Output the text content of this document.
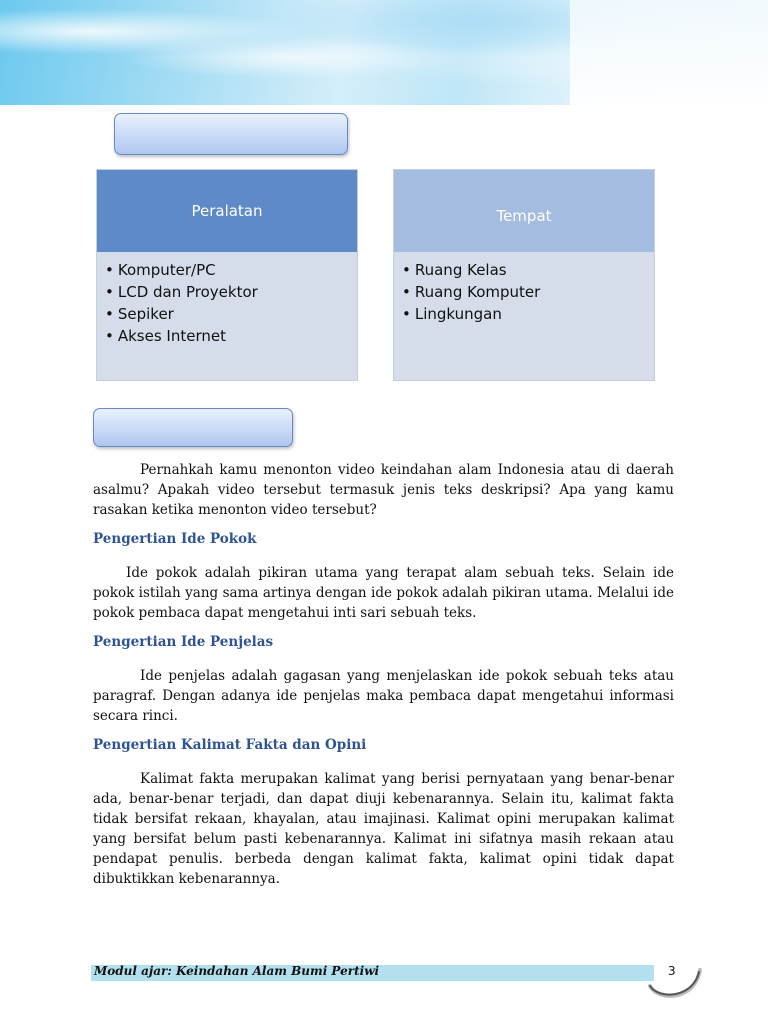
Peralatan
• Komputer/PC
• LCD dan Proyektor
• Sepiker
• Akses Internet
Tempat
• Ruang Kelas
• Ruang Komputer
• Lingkungan

Pernahkah kamu menonton video keindahan alam Indonesia atau di daerah asalmu? Apakah video tersebut termasuk jenis teks deskripsi? Apa yang kamu rasakan ketika menonton video tersebut?

Pengertian Ide Pokok

Ide pokok adalah pikiran utama yang terapat alam sebuah teks. Selain ide pokok istilah yang sama artinya dengan ide pokok adalah pikiran utama. Melalui ide pokok pembaca dapat mengetahui inti sari sebuah teks.

Pengertian Ide Penjelas

Ide penjelas adalah gagasan yang menjelaskan ide pokok sebuah teks atau paragraf. Dengan adanya ide penjelas maka pembaca dapat mengetahui informasi secara rinci.

Pengertian Kalimat Fakta dan Opini

Kalimat fakta merupakan kalimat yang berisi pernyataan yang benar-benar ada, benar-benar terjadi, dan dapat diuji kebenarannya. Selain itu, kalimat fakta tidak bersifat rekaan, khayalan, atau imajinasi. Kalimat opini merupakan kalimat yang bersifat belum pasti kebenarannya. Kalimat ini sifatnya masih rekaan atau pendapat penulis. berbeda dengan kalimat fakta, kalimat opini tidak dapat dibuktikkan kebenarannya.

Modul ajar: Keindahan Alam Bumi Pertiwi	3
